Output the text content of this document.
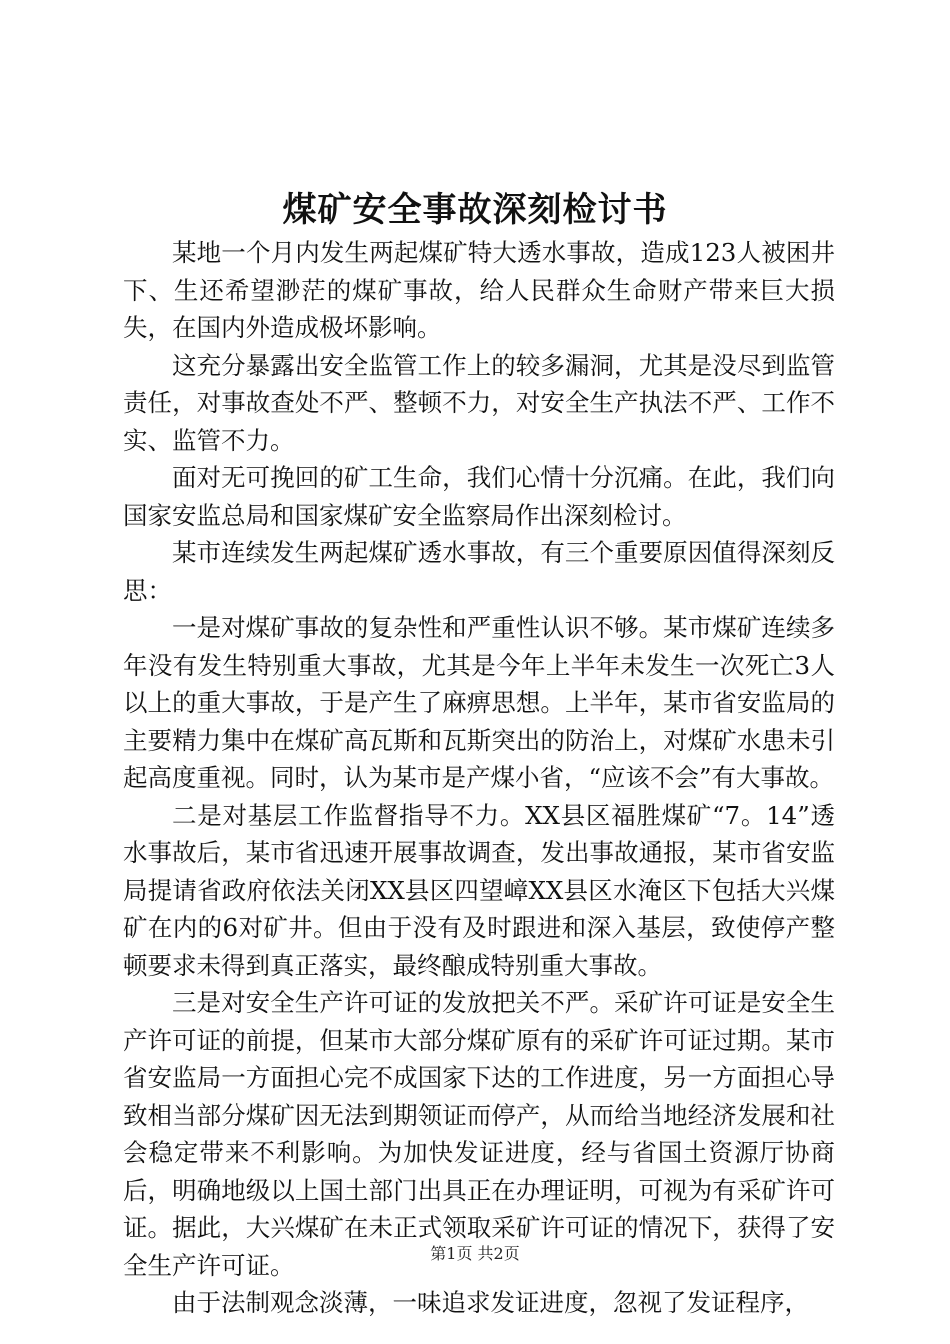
煤矿安全事故深刻检讨书

某地一个月内发生两起煤矿特大透水事故，造成123人被困井下、生还希望渺茫的煤矿事故，给人民群众生命财产带来巨大损失，在国内外造成极坏影响。

这充分暴露出安全监管工作上的较多漏洞，尤其是没尽到监管责任，对事故查处不严、整顿不力，对安全生产执法不严、工作不实、监管不力。

面对无可挽回的矿工生命，我们心情十分沉痛。在此，我们向国家安监总局和国家煤矿安全监察局作出深刻检讨。

某市连续发生两起煤矿透水事故，有三个重要原因值得深刻反思：

一是对煤矿事故的复杂性和严重性认识不够。某市煤矿连续多年没有发生特别重大事故，尤其是今年上半年未发生一次死亡3人以上的重大事故，于是产生了麻痹思想。上半年，某市省安监局的主要精力集中在煤矿高瓦斯和瓦斯突出的防治上，对煤矿水患未引起高度重视。同时，认为某市是产煤小省，“应该不会”有大事故。

二是对基层工作监督指导不力。XX县区福胜煤矿“7。14”透水事故后，某市省迅速开展事故调查，发出事故通报，某市省安监局提请省政府依法关闭XX县区四望嶂XX县区水淹区下包括大兴煤矿在内的6对矿井。但由于没有及时跟进和深入基层，致使停产整顿要求未得到真正落实，最终酿成特别重大事故。

三是对安全生产许可证的发放把关不严。采矿许可证是安全生产许可证的前提，但某市大部分煤矿原有的采矿许可证过期。某市省安监局一方面担心完不成国家下达的工作进度，另一方面担心导致相当部分煤矿因无法到期领证而停产，从而给当地经济发展和社会稳定带来不利影响。为加快发证进度，经与省国土资源厅协商后，明确地级以上国土部门出具正在办理证明，可视为有采矿许可证。据此，大兴煤矿在未正式领取采矿许可证的情况下，获得了安全生产许可证。

由于法制观念淡薄，一味追求发证进度，忽视了发证程序，

第1页 共2页
